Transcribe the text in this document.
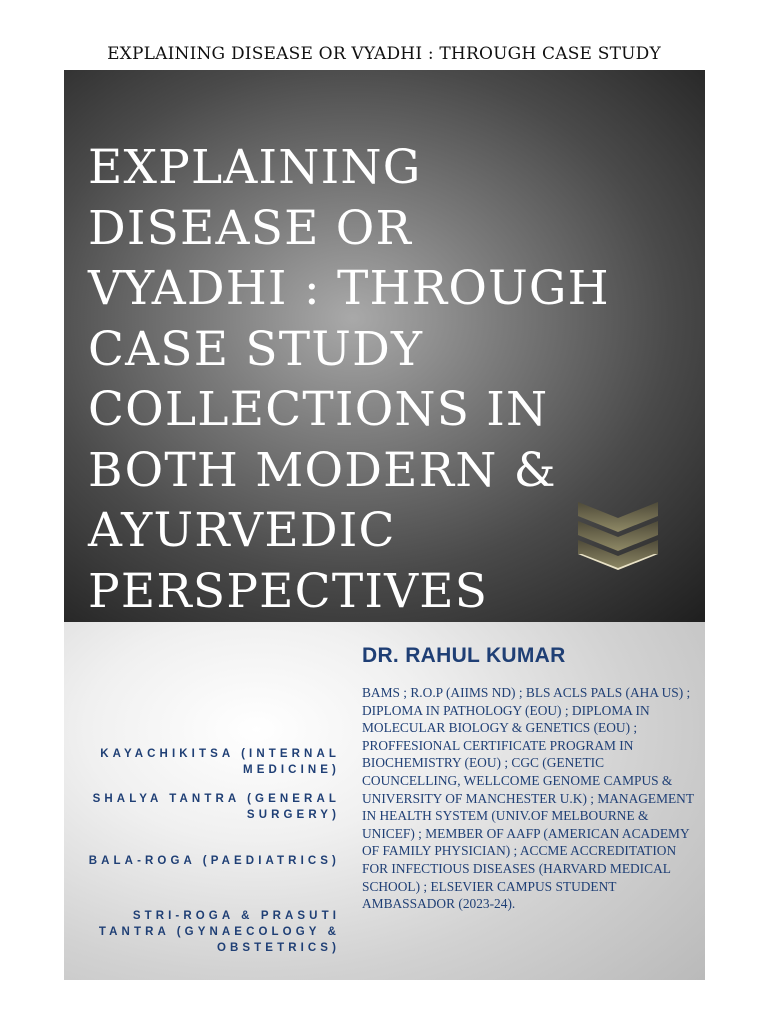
EXPLAINING DISEASE OR VYADHI : THROUGH CASE STUDY
EXPLAINING
DISEASE OR
VYADHI : THROUGH
CASE STUDY
COLLECTIONS IN
BOTH MODERN &
AYURVEDIC
PERSPECTIVES
DR. RAHUL KUMAR

BAMS ; R.O.P (AIIMS ND) ; BLS ACLS PALS (AHA US) ; DIPLOMA IN PATHOLOGY (EOU) ; DIPLOMA IN MOLECULAR BIOLOGY & GENETICS (EOU) ; PROFFESIONAL CERTIFICATE PROGRAM IN BIOCHEMISTRY (EOU) ; CGC (GENETIC COUNCELLING, WELLCOME GENOME CAMPUS & UNIVERSITY OF MANCHESTER U.K) ; MANAGEMENT IN HEALTH SYSTEM (UNIV.OF MELBOURNE & UNICEF) ; MEMBER OF AAFP (AMERICAN ACADEMY OF FAMILY PHYSICIAN) ; ACCME ACCREDITATION FOR INFECTIOUS DISEASES (HARVARD MEDICAL SCHOOL) ; ELSEVIER CAMPUS STUDENT AMBASSADOR (2023-24).

KAYACHIKITSA (INTERNAL MEDICINE)
SHALYA TANTRA (GENERAL SURGERY)
BALA-ROGA (PAEDIATRICS)
STRI-ROGA & PRASUTI TANTRA (GYNAECOLOGY & OBSTETRICS)
